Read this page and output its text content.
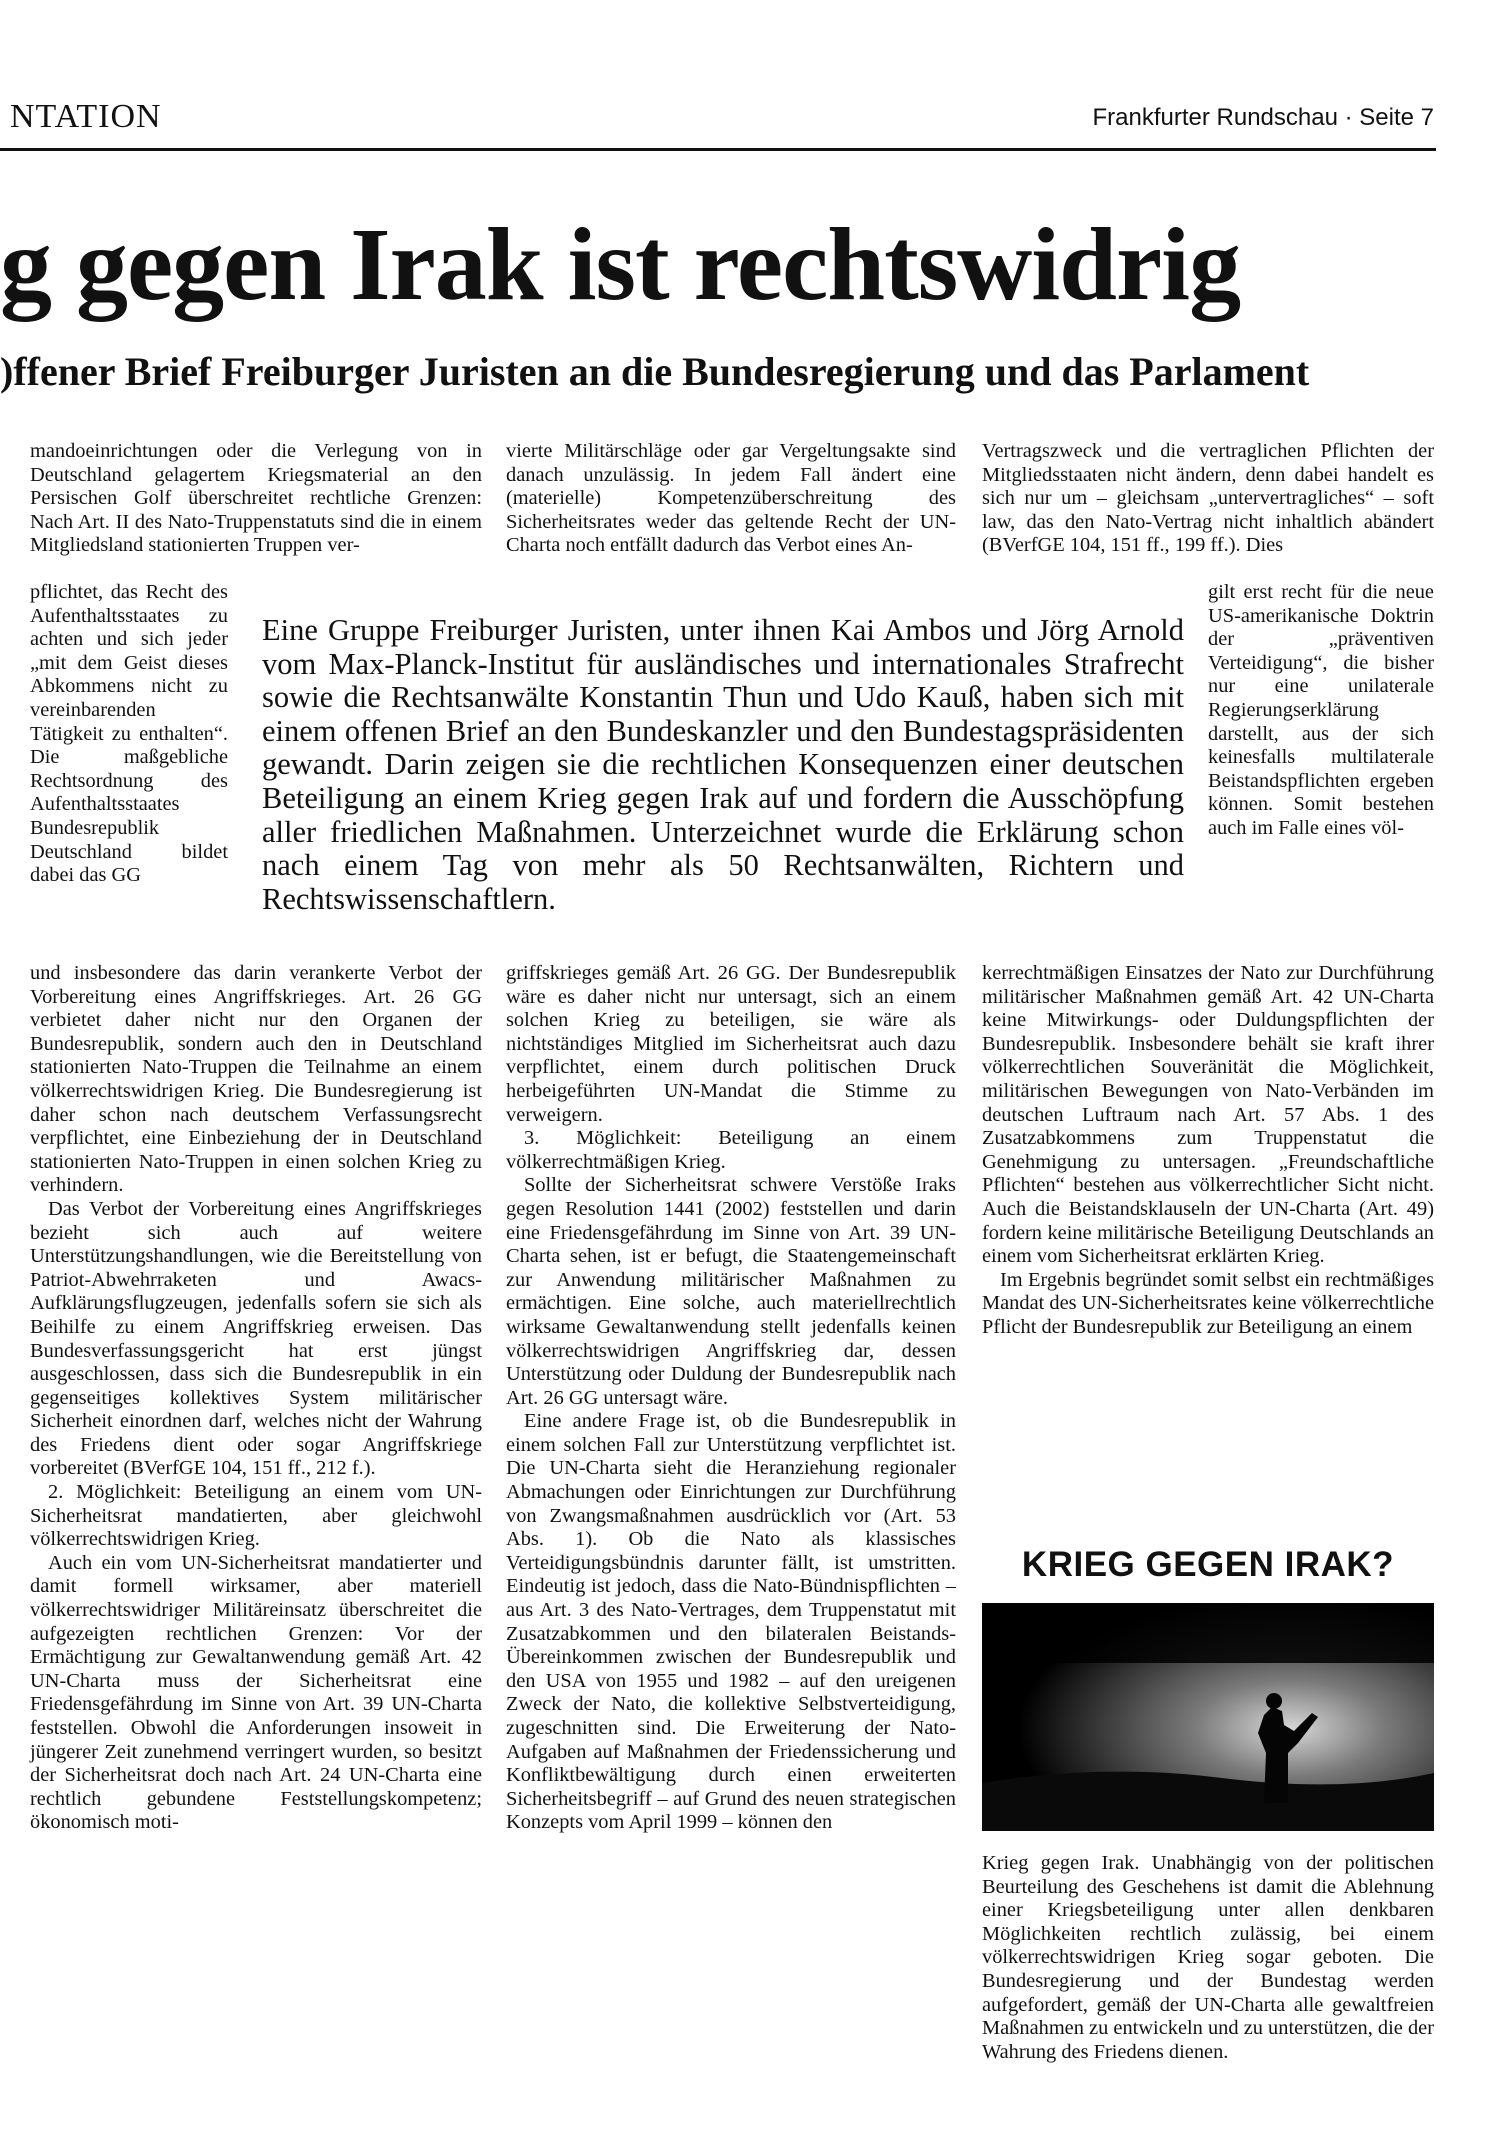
NTATION	Frankfurter Rundschau · Seite 7
g gegen Irak ist rechtswidrig
)ffener Brief Freiburger Juristen an die Bundesregierung und das Parlament

mandoeinrichtungen oder die Verlegung von in Deutschland gelagertem Kriegsmaterial an den Persischen Golf überschreitet rechtliche Grenzen: Nach Art. II des Nato-Truppenstatuts sind die in einem Mitgliedsland stationierten Truppen ver-

vierte Militärschläge oder gar Vergeltungsakte sind danach unzulässig. In jedem Fall ändert eine (materielle) Kompetenzüberschreitung des Sicherheitsrates weder das geltende Recht der UN-Charta noch entfällt dadurch das Verbot eines An-

Vertragszweck und die vertraglichen Pflichten der Mitgliedsstaaten nicht ändern, denn dabei handelt es sich nur um – gleichsam „untervertragliches“ – soft law, das den Nato-Vertrag nicht inhaltlich abändert (BVerfGE 104, 151 ff., 199 ff.). Dies

pflichtet, das Recht des Aufenthaltsstaates zu achten und sich jeder „mit dem Geist dieses Abkommens nicht zu vereinbarenden Tätigkeit zu enthalten“. Die maßgebliche Rechtsordnung des Aufenthaltsstaates Bundesrepublik Deutschland bildet dabei das GG
gilt erst recht für die neue US-amerikanische Doktrin der „präventiven Verteidigung“, die bisher nur eine unilaterale Regierungserklärung darstellt, aus der sich keinesfalls multilaterale Beistandspflichten ergeben können. Somit bestehen auch im Falle eines völ-
Eine Gruppe Freiburger Juristen, unter ihnen Kai Ambos und Jörg Arnold vom Max-Planck-Institut für ausländisches und internationales Strafrecht sowie die Rechtsanwälte Konstantin Thun und Udo Kauß, haben sich mit einem offenen Brief an den Bundeskanzler und den Bundestagspräsidenten gewandt. Darin zeigen sie die rechtlichen Konsequenzen einer deutschen Beteiligung an einem Krieg gegen Irak auf und fordern die Ausschöpfung aller friedlichen Maßnahmen. Unterzeichnet wurde die Erklärung schon nach einem Tag von mehr als 50 Rechtsanwälten, Richtern und Rechtswissenschaftlern.

und insbesondere das darin verankerte Verbot der Vorbereitung eines Angriffskrieges. Art. 26 GG verbietet daher nicht nur den Organen der Bundesrepublik, sondern auch den in Deutschland stationierten Nato-Truppen die Teilnahme an einem völkerrechtswidrigen Krieg. Die Bundesregierung ist daher schon nach deutschem Verfassungsrecht verpflichtet, eine Einbeziehung der in Deutschland stationierten Nato-Truppen in einen solchen Krieg zu verhindern.

Das Verbot der Vorbereitung eines Angriffskrieges bezieht sich auch auf weitere Unterstützungshandlungen, wie die Bereitstellung von Patriot-Abwehrraketen und Awacs-Aufklärungsflugzeugen, jedenfalls sofern sie sich als Beihilfe zu einem Angriffskrieg erweisen. Das Bundesverfassungsgericht hat erst jüngst ausgeschlossen, dass sich die Bundesrepublik in ein gegenseitiges kollektives System militärischer Sicherheit einordnen darf, welches nicht der Wahrung des Friedens dient oder sogar Angriffskriege vorbereitet (BVerfGE 104, 151 ff., 212 f.).

2. Möglichkeit: Beteiligung an einem vom UN-Sicherheitsrat mandatierten, aber gleichwohl völkerrechtswidrigen Krieg.

Auch ein vom UN-Sicherheitsrat mandatierter und damit formell wirksamer, aber materiell völkerrechtswidriger Militäreinsatz überschreitet die aufgezeigten rechtlichen Grenzen: Vor der Ermächtigung zur Gewaltanwendung gemäß Art. 42 UN-Charta muss der Sicherheitsrat eine Friedensgefährdung im Sinne von Art. 39 UN-Charta feststellen. Obwohl die Anforderungen insoweit in jüngerer Zeit zunehmend verringert wurden, so besitzt der Sicherheitsrat doch nach Art. 24 UN-Charta eine rechtlich gebundene Feststellungskompetenz; ökonomisch moti-

griffskrieges gemäß Art. 26 GG. Der Bundesrepublik wäre es daher nicht nur untersagt, sich an einem solchen Krieg zu beteiligen, sie wäre als nichtständiges Mitglied im Sicherheitsrat auch dazu verpflichtet, einem durch politischen Druck herbeigeführten UN-Mandat die Stimme zu verweigern.

3. Möglichkeit: Beteiligung an einem völkerrechtmäßigen Krieg.

Sollte der Sicherheitsrat schwere Verstöße Iraks gegen Resolution 1441 (2002) feststellen und darin eine Friedensgefährdung im Sinne von Art. 39 UN-Charta sehen, ist er befugt, die Staatengemeinschaft zur Anwendung militärischer Maßnahmen zu ermächtigen. Eine solche, auch materiellrechtlich wirksame Gewaltanwendung stellt jedenfalls keinen völkerrechtswidrigen Angriffskrieg dar, dessen Unterstützung oder Duldung der Bundesrepublik nach Art. 26 GG untersagt wäre.

Eine andere Frage ist, ob die Bundesrepublik in einem solchen Fall zur Unterstützung verpflichtet ist. Die UN-Charta sieht die Heranziehung regionaler Abmachungen oder Einrichtungen zur Durchführung von Zwangsmaßnahmen ausdrücklich vor (Art. 53 Abs. 1). Ob die Nato als klassisches Verteidigungsbündnis darunter fällt, ist umstritten. Eindeutig ist jedoch, dass die Nato-Bündnispflichten – aus Art. 3 des Nato-Vertrages, dem Truppenstatut mit Zusatzabkommen und den bilateralen Beistands-Übereinkommen zwischen der Bundesrepublik und den USA von 1955 und 1982 – auf den ureigenen Zweck der Nato, die kollektive Selbstverteidigung, zugeschnitten sind. Die Erweiterung der Nato-Aufgaben auf Maßnahmen der Friedenssicherung und Konfliktbewältigung durch einen erweiterten Sicherheitsbegriff – auf Grund des neuen strategischen Konzepts vom April 1999 – können den

kerrechtmäßigen Einsatzes der Nato zur Durchführung militärischer Maßnahmen gemäß Art. 42 UN-Charta keine Mitwirkungs- oder Duldungspflichten der Bundesrepublik. Insbesondere behält sie kraft ihrer völkerrechtlichen Souveränität die Möglichkeit, militärischen Bewegungen von Nato-Verbänden im deutschen Luftraum nach Art. 57 Abs. 1 des Zusatzabkommens zum Truppenstatut die Genehmigung zu untersagen. „Freundschaftliche Pflichten“ bestehen aus völkerrechtlicher Sicht nicht. Auch die Beistandsklauseln der UN-Charta (Art. 49) fordern keine militärische Beteiligung Deutschlands an einem vom Sicherheitsrat erklärten Krieg.

Im Ergebnis begründet somit selbst ein rechtmäßiges Mandat des UN-Sicherheitsrates keine völkerrechtliche Pflicht der Bundesrepublik zur Beteiligung an einem

KRIEG GEGEN IRAK?
Krieg gegen Irak. Unabhängig von der politischen Beurteilung des Geschehens ist damit die Ablehnung einer Kriegsbeteiligung unter allen denkbaren Möglichkeiten rechtlich zulässig, bei einem völkerrechtswidrigen Krieg sogar geboten. Die Bundesregierung und der Bundestag werden aufgefordert, gemäß der UN-Charta alle gewaltfreien Maßnahmen zu entwickeln und zu unterstützen, die der Wahrung des Friedens dienen.
